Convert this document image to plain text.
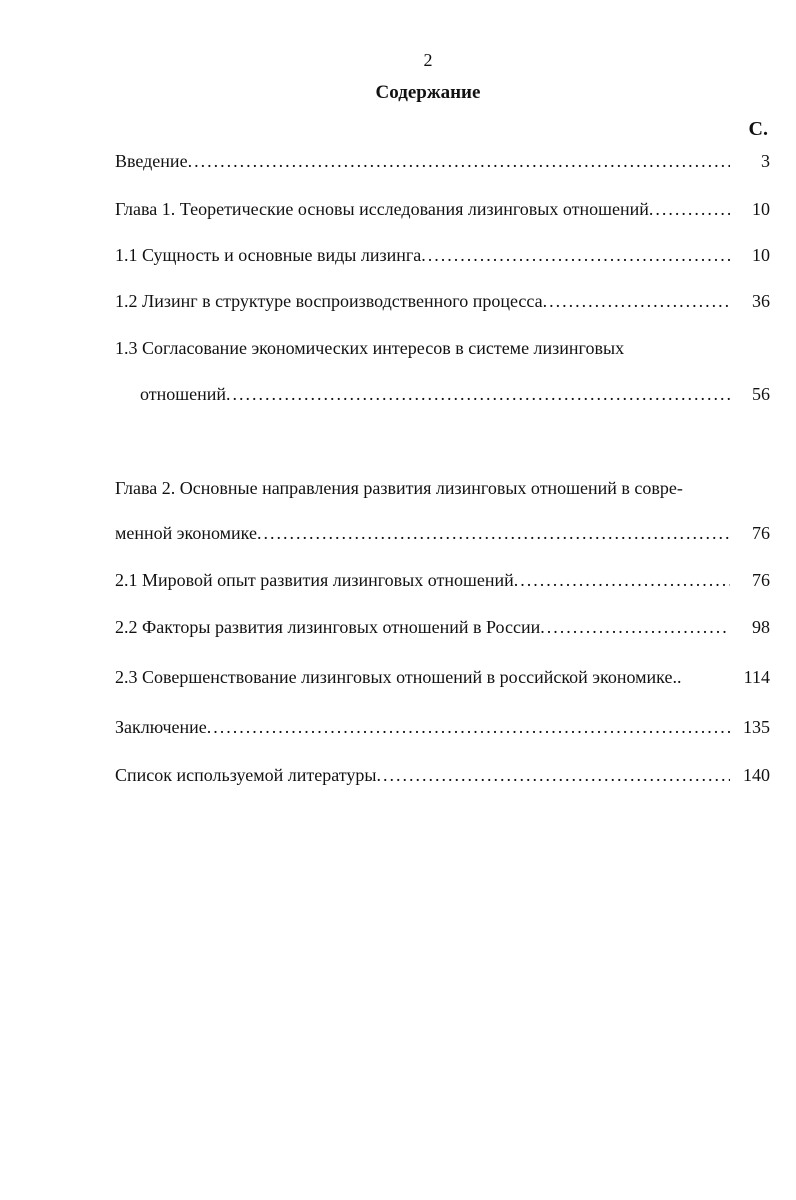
2
Содержание
С.
Введение .....	3
Глава 1. Теоретические основы исследования лизинговых отношений .....	10
1.1 Сущность и основные виды лизинга .....	10
1.2 Лизинг в структуре воспроизводственного процесса .....	36
1.3 Согласование экономических интересов в системе лизинговых
отношений .....	56
Глава 2. Основные направления развития лизинговых отношений в совре-
менной экономике .....	76
2.1 Мировой опыт развития лизинговых отношений .....	76
2.2 Факторы развития лизинговых отношений в России .....	98
2.3 Совершенствование лизинговых отношений в российской экономике..	114
Заключение .....	135
Список используемой литературы .....	140
